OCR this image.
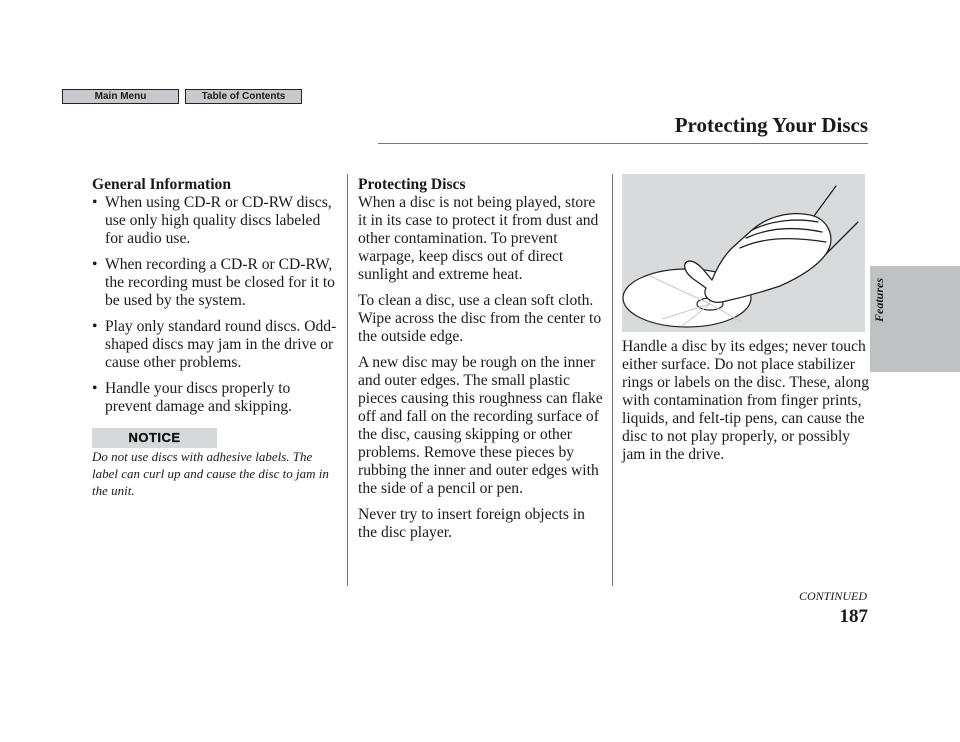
Main Menu	Table of Contents
Protecting Your Discs
Features
General Information
• When using CD-R or CD-RW discs, use only high quality discs labeled for audio use.
• When recording a CD-R or CD-RW, the recording must be closed for it to be used by the system.
• Play only standard round discs. Odd-shaped discs may jam in the drive or cause other problems.
• Handle your discs properly to prevent damage and skipping.
NOTICE

Do not use discs with adhesive labels. The label can curl up and cause the disc to jam in the unit.

Protecting Discs

When a disc is not being played, store it in its case to protect it from dust and other contamination. To prevent warpage, keep discs out of direct sunlight and extreme heat.

To clean a disc, use a clean soft cloth. Wipe across the disc from the center to the outside edge.

A new disc may be rough on the inner and outer edges. The small plastic pieces causing this roughness can flake off and fall on the recording surface of the disc, causing skipping or other problems. Remove these pieces by rubbing the inner and outer edges with the side of a pencil or pen.

Never try to insert foreign objects in the disc player.

Handle a disc by its edges; never touch either surface. Do not place stabilizer rings or labels on the disc. These, along with contamination from finger prints, liquids, and felt-tip pens, can cause the disc to not play properly, or possibly jam in the drive.

CONTINUED
187
